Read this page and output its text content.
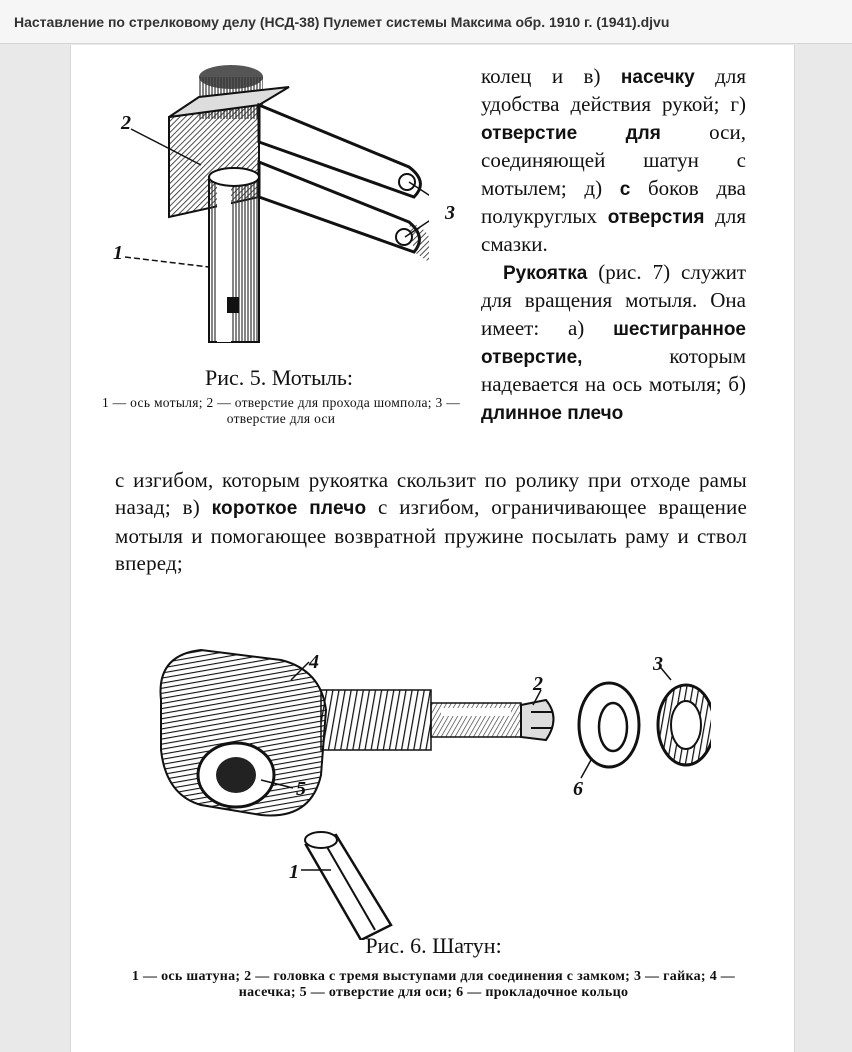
Наставление по стрелковому делу (НСД-38) Пулемет системы Максима обр. 1910 г. (1941).djvu
2
1
3
Рис. 5. Мотыль:
1 — ось мотыля; 2 — отверстие для прохода шомпола; 3 — отверстие для оси

колец и в) насечку для удобства действия рукой; г) отверстие для оси, соединяющей шатун с мотылем; д) с боков два полукруглых отверстия для смазки.

Рукоятка (рис. 7) служит для вращения мотыля. Она имеет: а) шестигранное отверстие, которым надевается на ось мотыля; б) длинное плечо

с изгибом, которым рукоятка скользит по ролику при отходе рамы назад; в) короткое плечо с изгибом, ограничивающее вращение мотыля и помогающее возвратной пружине посылать раму и ствол вперед;
4
2
3
5	6
1
Рис. 6. Шатун:
1 — ось шатуна; 2 — головка с тремя выступами для соединения с замком; 3 — гайка; 4 — насечка; 5 — отверстие для оси; 6 — прокладочное кольцо
